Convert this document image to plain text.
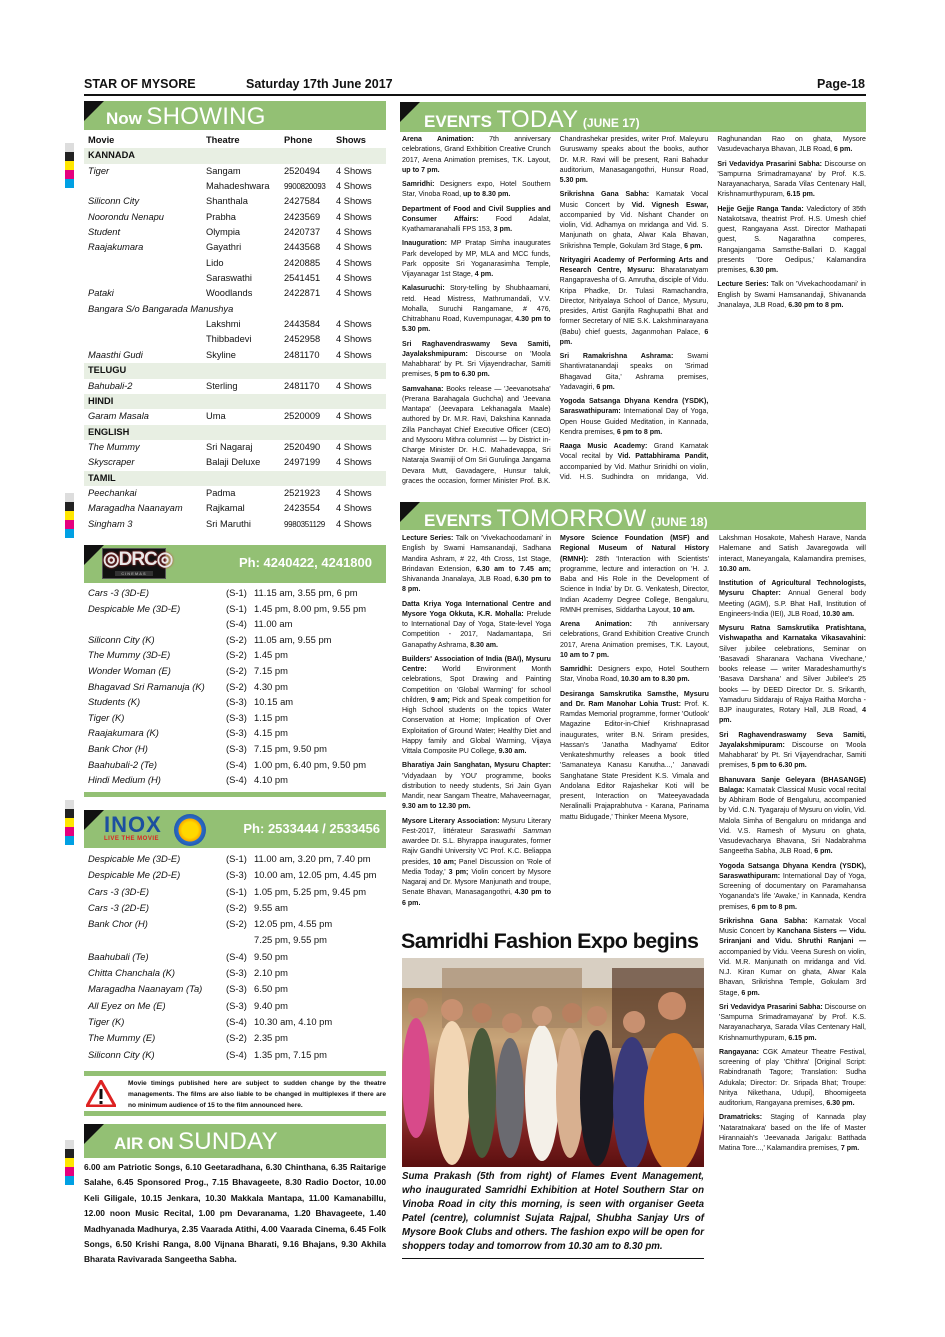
STAR OF MYSORE	Saturday 17th June 2017	Page-18
Now SHOWING
Movie	Theatre	Phone	Shows
KANNADA
Tiger	Sangam	2520494 4 Shows
Mahadeshwara 9900820093 4 Shows
Siliconn City	Shanthala	2427584 4 Shows
Noorondu Nenapu	Prabha	2423569 4 Shows
Student	Olympia	2420737 4 Shows
Raajakumara	Gayathri	2443568 4 Shows
Lido	2420885 4 Shows
Saraswathi	2541451 4 Shows
Pataki	Woodlands	2422871 4 Shows
Bangara S/o Bangarada Manushya
Lakshmi	2443584 4 Shows
Thibbadevi	2452958 4 Shows
Maasthi Gudi	Skyline	2481170 4 Shows
TELUGU
Bahubali-2	Sterling	2481170 4 Shows
HINDI
Garam Masala	Uma	2520009 4 Shows
ENGLISH
The Mummy	Sri Nagaraj	2520490 4 Shows
Skyscraper	Balaji Deluxe	2497199 4 Shows
TAMIL
Peechankai	Padma	2521923 4 Shows
Maragadha Naanayam	Rajkamal	2423554 4 Shows
Singham 3	Sri Maruthi	9980351129 4 Shows
◎DRC◎
CINEMAS
Ph: 4240422, 4241800
Cars -3 (3D-E)	(S-1) 11.15 am, 3.55 pm, 6 pm
Despicable Me (3D-E)	(S-1) 1.45 pm, 8.00 pm, 9.55 pm
(S-4) 11.00 am
Siliconn City (K)	(S-2) 11.05 am, 9.55 pm
The Mummy (3D-E)	(S-2) 1.45 pm
Wonder Woman (E)	(S-2) 7.15 pm
Bhagavad Sri Ramanuja (K) (S-2) 4.30 pm
Students (K)	(S-3) 10.15 am
Tiger (K)	(S-3) 1.15 pm
Raajakumara (K)	(S-3) 4.15 pm
Bank Chor (H)	(S-3) 7.15 pm, 9.50 pm
Baahubali-2 (Te)	(S-4) 1.00 pm, 6.40 pm, 9.50 pm
Hindi Medium (H)	(S-4) 4.10 pm
INOX
LIVE THE MOVIE
Ph: 2533444 / 2533456
Despicable Me (3D-E)	(S-1) 11.00 am, 3.20 pm, 7.40 pm
Despicable Me (2D-E)	(S-3) 10.00 am, 12.05 pm, 4.45 pm
Cars -3 (3D-E)	(S-1) 1.05 pm, 5.25 pm, 9.45 pm
Cars -3 (2D-E)	(S-2) 9.55 am
Bank Chor (H)	(S-2) 12.05 pm, 4.55 pm
7.25 pm, 9.55 pm
Baahubali (Te)	(S-4) 9.50 pm
Chitta Chanchala (K)	(S-3) 2.10 pm
Maragadha Naanayam (Ta)	(S-3) 6.50 pm
All Eyez on Me (E)	(S-3) 9.40 pm
Tiger (K)	(S-4) 10.30 am, 4.10 pm
The Mummy (E)	(S-2) 2.35 pm
Siliconn City (K)	(S-4) 1.35 pm, 7.15 pm
Movie timings published here are subject to sudden change by the theatre managements. The films are also liable to be changed in multiplexes if there are no minimum audience of 15 to the film announced here.
AIR ON SUNDAY
6.00 am Patriotic Songs, 6.10 Geetaradhana, 6.30 Chinthana, 6.35 Raitarige Salahe, 6.45 Sponsored Prog., 7.15 Bhavageete, 8.30 Radio Doctor, 10.00 Keli Giligale, 10.15 Jenkara, 10.30 Makkala Mantapa, 11.00 Kamanabillu, 12.00 noon Music Recital, 1.00 pm Devaranama, 1.20 Bhavageete, 1.40 Madhyanada Madhurya, 2.35 Vaarada Atithi, 4.00 Vaarada Cinema, 6.45 Folk Songs, 6.50 Krishi Ranga, 8.00 Vijnana Bharati, 9.16 Bhajans, 9.30 Akhila Bharata Ravivarada Sangeetha Sabha.
EVENTS TODAY (JUNE 17)

Arena Animation: 7th anniversary celebrations, Grand Exhibition Creative Crunch 2017, Arena Animation premises, T.K. Layout, up to 7 pm.

Samridhi: Designers expo, Hotel Southern Star, Vinoba Road, up to 8.30 pm.

Department of Food and Civil Supplies and Consumer Affairs: Food Adalat, Kyathamaranahalli FPS 153, 3 pm.

Inauguration: MP Pratap Simha inaugurates Park developed by MP, MLA and MCC funds, Park opposite Sri Yoganarasimha Temple, Vijayanagar 1st Stage, 4 pm.

Kalasuruchi: Story-telling by Shubhaamani, retd. Head Mistress, Mathrumandali, V.V. Mohalla, Suruchi Rangamane, # 476, Chitrabhanu Road, Kuvempunagar, 4.30 pm to 5.30 pm.

Sri Raghavendraswamy Seva Samiti, Jayalakshmipuram: Discourse on 'Moola Mahabharat' by Pt. Sri Vijayendrachar, Samiti premises, 5 pm to 6.30 pm.

Samvahana: Books release — 'Jeevanotsaha' (Prerana Barahagala Guchcha) and 'Jeevana Mantapa' (Jeevapara Lekhanagala Maale) authored by Dr. M.R. Ravi, Dakshina Kannada Zilla Panchayat Chief Executive Officer (CEO) and Mysooru Mithra columnist — by District in-Charge Minister Dr. H.C. Mahadevappa, Sri Nataraja Swamiji of Om Sri Gurulinga Jangama Devara Mutt, Gavadagere, Hunsur taluk, graces the occasion, former Minister Prof. B.K. Chandrashekar presides, writer Prof. Maleyuru Guruswamy speaks about the books, author Dr. M.R. Ravi will be present, Rani Bahadur auditorium, Manasagangothri, Hunsur Road, 5.30 pm.

Srikrishna Gana Sabha: Karnatak Vocal Music Concert by Vid. Vignesh Eswar, accompanied by Vid. Nishant Chander on violin, Vid. Adhamya on mridanga and Vid. S. Manjunath on ghata, Alwar Kala Bhavan, Srikrishna Temple, Gokulam 3rd Stage, 6 pm.

Nrityagiri Academy of Performing Arts and Research Centre, Mysuru: Bharatanatyam Rangapravesha of G. Amrutha, disciple of Vidu. Kripa Phadke, Dr. Tulasi Ramachandra, Director, Nrityalaya School of Dance, Mysuru, presides, Artist Ganjifa Raghupathi Bhat and former Secretary of NIE S.K. Lakshminarayana (Babu) chief guests, Jaganmohan Palace, 6 pm.

Sri Ramakrishna Ashrama: Swami Shantivratanandaji speaks on 'Srimad Bhagavad Gita,' Ashrama premises, Yadavagiri, 6 pm.

Yogoda Satsanga Dhyana Kendra (YSDK), Saraswathipuram: International Day of Yoga, Open House Guided Meditation, in Kannada, Kendra premises, 6 pm to 8 pm.

Raaga Music Academy: Grand Karnatak Vocal recital by Vid. Pattabhirama Pandit, accompanied by Vid. Mathur Srinidhi on violin, Vid. H.S. Sudhindra on mridanga, Vid. Raghunandan Rao on ghata, Mysore Vasudevacharya Bhavan, JLB Road, 6 pm.

Sri Vedavidya Prasarini Sabha: Discourse on 'Sampurna Srimadramayana' by Prof. K.S. Narayanacharya, Sarada Vilas Centenary Hall, Krishnamurthypuram, 6.15 pm.

Hejje Gejje Ranga Tanda: Valedictory of 35th Natakotsava, theatrist Prof. H.S. Umesh chief guest, Rangayana Asst. Director Mathapati guest, S. Nagarathna comperes, Rangajangama Samsthe-Ballari D. Kaggal presents 'Dore Oedipus,' Kalamandira premises, 6.30 pm.

Lecture Series: Talk on 'Vivekachoodamani' in English by Swami Hamsanandaji, Shivananda Jnanalaya, JLB Road, 6.30 pm to 8 pm.

EVENTS TOMORROW (JUNE 18)

Lecture Series: Talk on 'Vivekachoodamani' in English by Swami Hamsanandaji, Sadhana Mandira Ashram, # 22, 4th Cross, 1st Stage, Brindavan Extension, 6.30 am to 7.45 am; Shivananda Jnanalaya, JLB Road, 6.30 pm to 8 pm.

Datta Kriya Yoga International Centre and Mysore Yoga Okkuta, K.R. Mohalla: Prelude to International Day of Yoga, State-level Yoga Competition - 2017, Nadamantapa, Sri Ganapathy Ashrama, 8.30 am.

Builders' Association of India (BAI), Mysuru Centre: World Environment Month celebrations, Spot Drawing and Painting Competition on 'Global Warming' for school children, 9 am; Pick and Speak competition for High School students on the topics Water Conservation at Home; Implication of Over Exploitation of Ground Water; Healthy Diet and Happy family and Global Warming, Vijaya Vittala Composite PU College, 9.30 am.

Bharatiya Jain Sanghatan, Mysuru Chapter: 'Vidyadaan by YOU' programme, books distribution to needy students, Sri Jain Gyan Mandir, near Sangam Theatre, Mahaveernagar, 9.30 am to 12.30 pm.

Mysore Literary Association: Mysuru Literary Fest-2017, littérateur Saraswathi Samman awardee Dr. S.L. Bhyrappa inaugurates, former Rajiv Gandhi University VC Prof. K.C. Beliappa presides, 10 am; Panel Discussion on 'Role of Media Today,' 3 pm; Violin concert by Mysore Nagaraj and Dr. Mysore Manjunath and troupe, Senate Bhavan, Manasagangothri, 4.30 pm to 6 pm.

Mysore Science Foundation (MSF) and Regional Museum of Natural History (RMNH): 28th 'Interaction with Scientists' programme, lecture and interaction on 'H. J. Baba and His Role in the Development of Science in India' by Dr. G. Venkatesh, Director, Indian Academy Degree College, Bengaluru, RMNH premises, Siddartha Layout, 10 am.

Arena Animation: 7th anniversary celebrations, Grand Exhibition Creative Crunch 2017, Arena Animation premises, T.K. Layout, 10 am to 7 pm.

Samridhi: Designers expo, Hotel Southern Star, Vinoba Road, 10.30 am to 8.30 pm.

Desiranga Samskrutika Samsthe, Mysuru and Dr. Ram Manohar Lohia Trust: Prof. K. Ramdas Memorial programme, former 'Outlook' Magazine Editor-in-Chief Krishnaprasad inaugurates, writer B.N. Sriram presides, Hassan's 'Janatha Madhyama' Editor Venkateshmurthy releases a book titled 'Samanateya Kanasu Kanutha...,' Janavadi Sanghatane State President K.S. Vimala and Andolana Editor Rajashekar Koti will be present, Interaction on 'Mateeyavadada Neralinalli Prajaprabhutva - Karana, Parinama mattu Bidugade,' Thinker Meena Mysore,

Lakshman Hosakote, Mahesh Harave, Nanda Halemane and Satish Javaregowda will interact, Maneyangala, Kalamandira premises, 10.30 am.

Institution of Agricultural Technologists, Mysuru Chapter: Annual General body Meeting (AGM), S.P. Bhat Hall, Institution of Engineers-India (IEI), JLB Road, 10.30 am.

Mysuru Ratna Samskrutika Pratishtana, Vishwapatha and Karnataka Vikasavahini: Silver jubilee celebrations, Seminar on 'Basavadi Sharanara Vachana Vivechane,' books release — writer Maradeshamurthy's 'Basava Darshana' and Silver Jubilee's 25 books — by DEED Director Dr. S. Srikanth, Yamaduru Siddaraju of Rajya Raitha Morcha - BJP inaugurates, Rotary Hall, JLB Road, 4 pm.

Sri Raghavendraswamy Seva Samiti, Jayalakshmipuram: Discourse on 'Moola Mahabharat' by Pt. Sri Vijayendrachar, Samiti premises, 5 pm to 6.30 pm.

Bhanuvara Sanje Geleyara (BHASANGE) Balaga: Karnatak Classical Music vocal recital by Abhiram Bode of Bengaluru, accompanied by Vid. C.N. Tyagaraju of Mysuru on violin, Vid. Malola Simha of Bengaluru on mridanga and Vid. V.S. Ramesh of Mysuru on ghata, Vasudevacharya Bhavana, Sri Nadabrahma Sangeetha Sabha, JLB Road, 6 pm.

Yogoda Satsanga Dhyana Kendra (YSDK), Saraswathipuram: International Day of Yoga, Screening of documentary on Paramahansa Yogananda's life 'Awake,' in Kannada, Kendra premises, 6 pm to 8 pm.

Srikrishna Gana Sabha: Karnatak Vocal Music Concert by Kanchana Sisters — Vidu. Sriranjani and Vidu. Shruthi Ranjani — accompanied by Vidu. Veena Suresh on violin, Vid. M.R. Manjunath on mridanga and Vid. N.J. Kiran Kumar on ghata, Alwar Kala Bhavan, Srikrishna Temple, Gokulam 3rd Stage, 6 pm.

Sri Vedavidya Prasarini Sabha: Discourse on 'Sampurna Srimadramayana' by Prof. K.S. Narayanacharya, Sarada Vilas Centenary Hall, Krishnamurthypuram, 6.15 pm.

Rangayana: CGK Amateur Theatre Festival, screening of play 'Chithra' [Original Script: Rabindranath Tagore; Translation: Sudha Adukala; Director: Dr. Sripada Bhat; Troupe: Nritya Nikethana, Udupi], Bhoomigeeta auditorium, Rangayana premises, 6.30 pm.

Dramatricks: Staging of Kannada play 'Nataratnakara' based on the life of Master Hirannaiah's 'Jeevanada Jarigalu: Batthada Matina Tore...,' Kalamandira premises, 7 pm.

Samridhi Fashion Expo begins
Suma Prakash (5th from right) of Flames Event Management, who inaugurated Samridhi Exhibition at Hotel Southern Star on Vinoba Road in city this morning, is seen with organiser Geeta Patel (centre), columnist Sujata Rajpal, Shubha Sanjay Urs of Mysore Book Clubs and others. The fashion expo will be open for shoppers today and tomorrow from 10.30 am to 8.30 pm.
